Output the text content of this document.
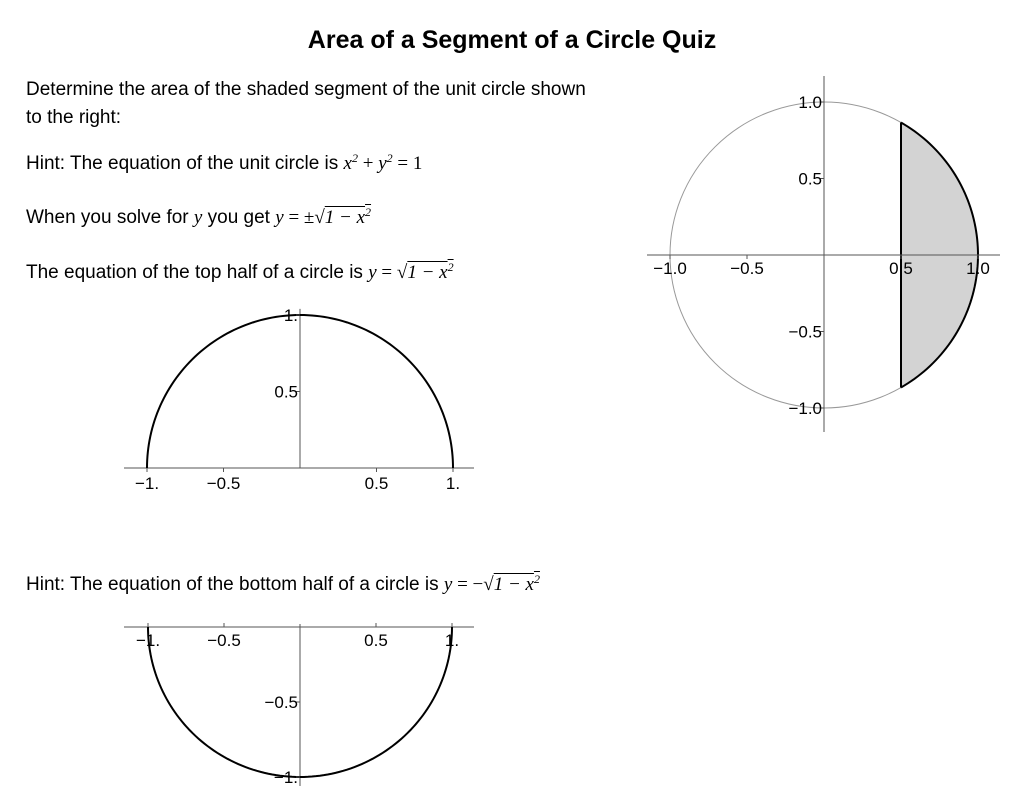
Area of a Segment of a Circle Quiz

Determine the area of the shaded segment of the unit circle shown
to the right:

Hint: The equation of the unit circle is $x^2 + y^2 = 1$

When you solve for y you get $y = \pm√1 - x^2$

The equation of the top half of a circle is $y = √1 - x^2$

Hint: The equation of the bottom half of a circle is $y = -√1 - x^2$

−1.	−0.5	0.5	1.
0.5
1.
−1.	−0.5	0.5	1.
−0.5
−1.
−1.0	−0.5	0.5	1.0
1.0
0.5
−0.5
−1.0
